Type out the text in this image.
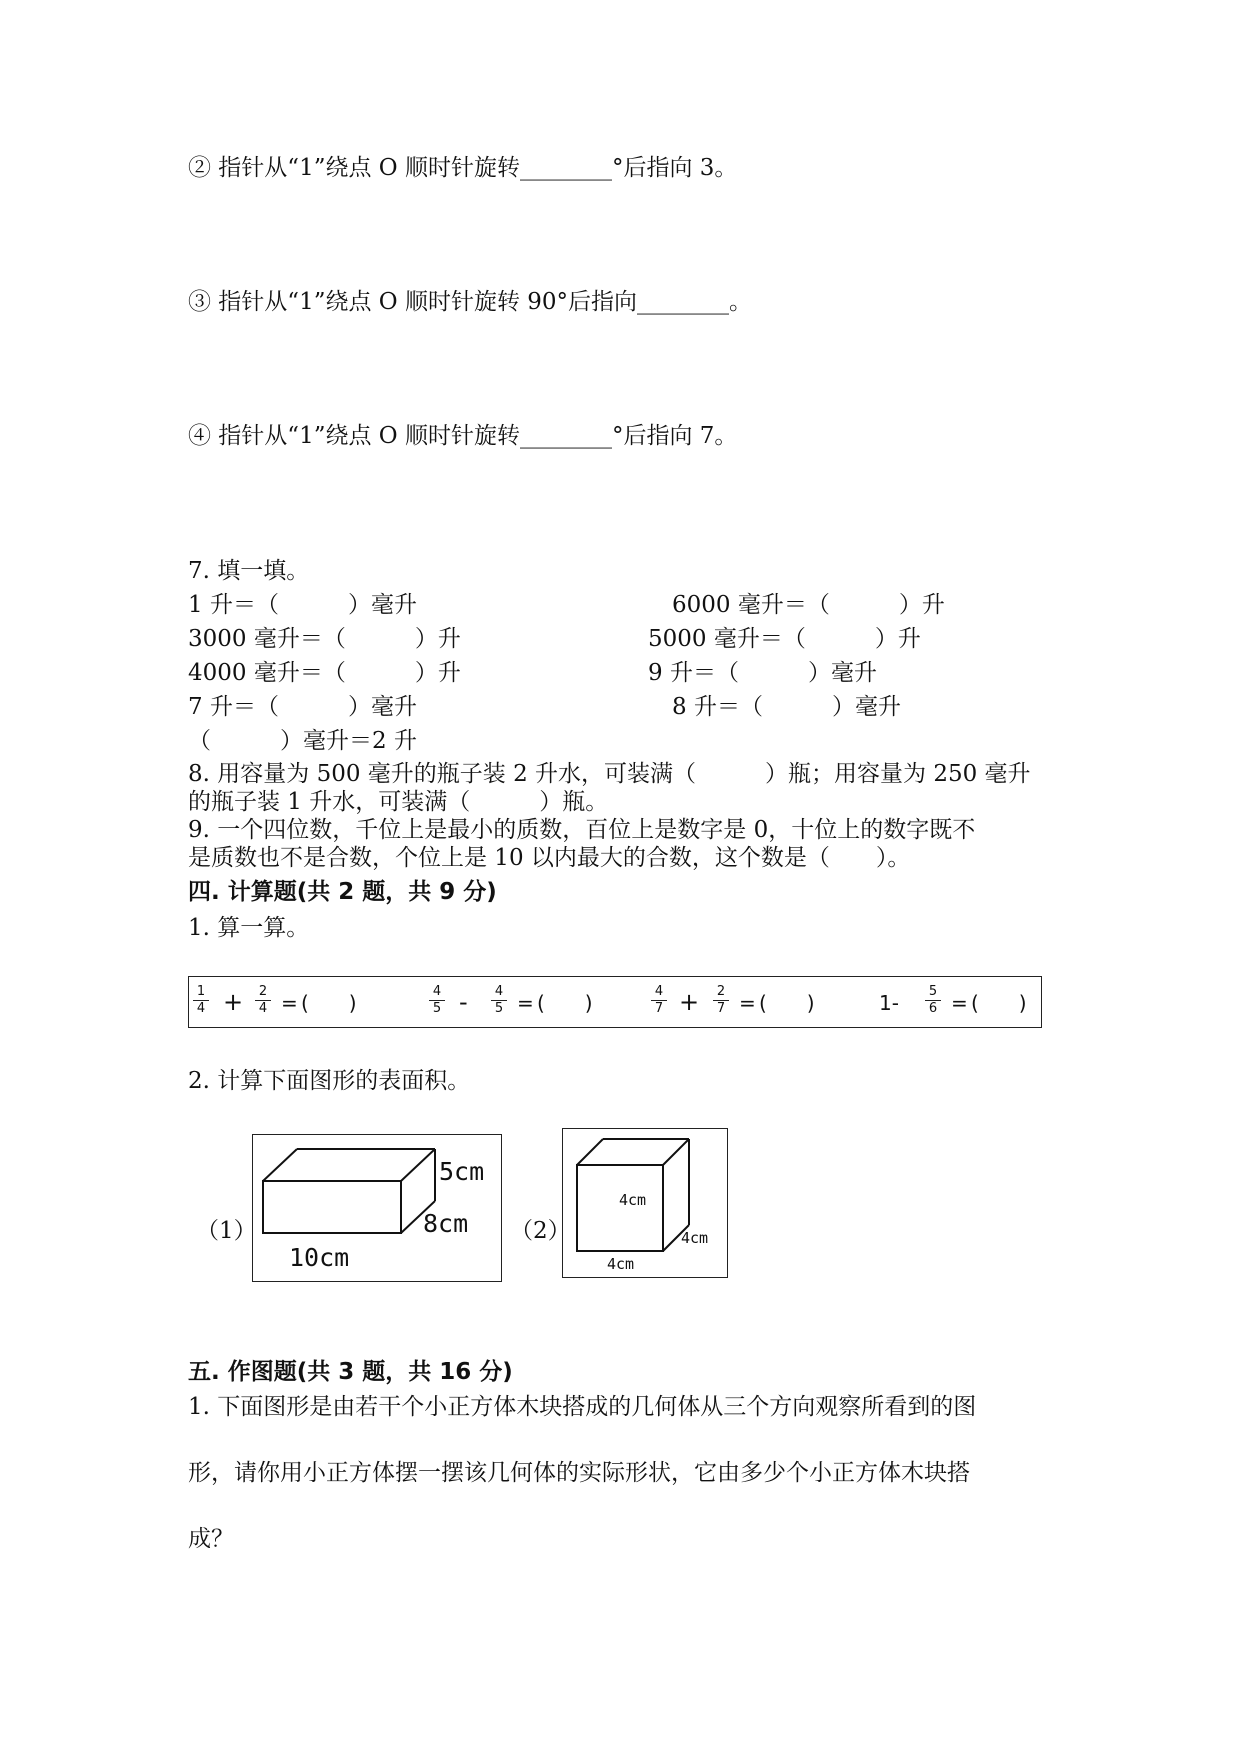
② 指针从“1”绕点 O 顺时针旋转________°后指向 3。
③ 指针从“1”绕点 O 顺时针旋转 90°后指向________。
④ 指针从“1”绕点 O 顺时针旋转________°后指向 7。
7. 填一填。
1 升＝（　　　）毫升	6000 毫升＝（　　　）升
3000 毫升＝（　　　）升	5000 毫升＝（　　　）升
4000 毫升＝（　　　）升	9 升＝（　　　）毫升
7 升＝（　　　）毫升	8 升＝（　　　）毫升
（　　　）毫升＝2 升
8. 用容量为 500 毫升的瓶子装 2 升水，可装满（　　　）瓶；用容量为 250 毫升
的瓶子装 1 升水，可装满（　　　）瓶。
9. 一个四位数，千位上是最小的质数，百位上是数字是 0，十位上的数字既不
是质数也不是合数，个位上是 10 以内最大的合数，这个数是（　　）。
四. 计算题(共 2 题，共 9 分)
1. 算一算。
1
4 + 2
4 = (　　)	4
5 - 4
5 = (　　)	4
7 + 2
7 = (　　)	1- 5
6 = (　　)
2. 计算下面图形的表面积。
（1）
5cm
8cm
10cm
（2）
4cm
4cm
4cm
五. 作图题(共 3 题，共 16 分)
1. 下面图形是由若干个小正方体木块搭成的几何体从三个方向观察所看到的图
形，请你用小正方体摆一摆该几何体的实际形状，它由多少个小正方体木块搭
成？
